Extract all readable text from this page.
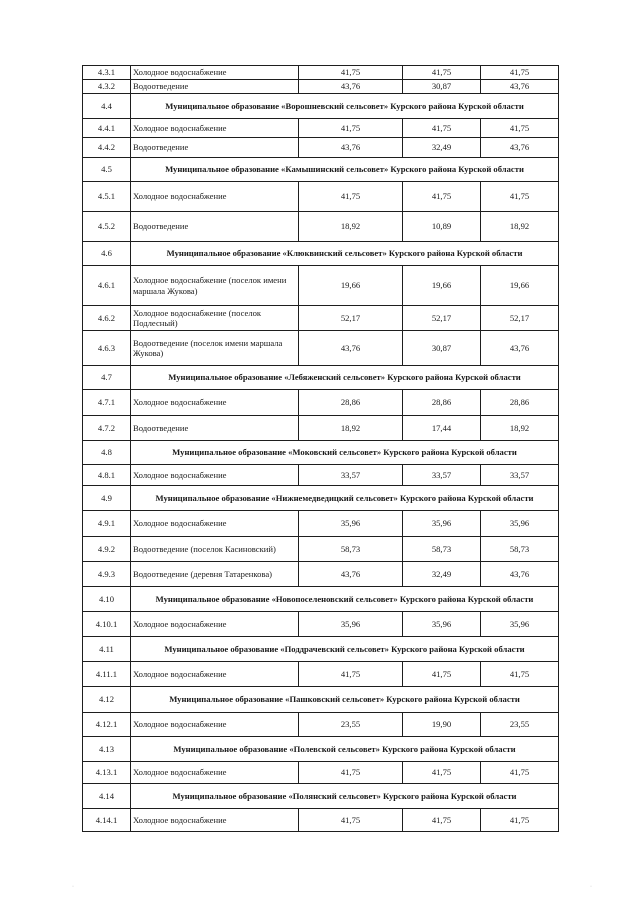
4.3.1	Холодное водоснабжение	41,75	41,75	41,75
4.3.2	Водоотведение	43,76	30,87	43,76
4.4	Муниципальное образование «Ворошневский сельсовет» Курского района Курской области			
4.4.1	Холодное водоснабжение	41,75	41,75	41,75
4.4.2	Водоотведение	43,76	32,49	43,76
4.5	Муниципальное образование «Камышинский сельсовет» Курского района Курской области			
4.5.1	Холодное водоснабжение	41,75	41,75	41,75
4.5.2	Водоотведение	18,92	10,89	18,92
4.6	Муниципальное образование «Клюквинский сельсовет» Курского района Курской области			
4.6.1	Холодное водоснабжение (поселок имени маршала Жукова)	19,66	19,66	19,66
4.6.2	Холодное водоснабжение (поселок Подлесный)	52,17	52,17	52,17
4.6.3	Водоотведение (поселок имени маршала Жукова)	43,76	30,87	43,76
4.7	Муниципальное образование «Лебяженский сельсовет» Курского района Курской области			
4.7.1	Холодное водоснабжение	28,86	28,86	28,86
4.7.2	Водоотведение	18,92	17,44	18,92
4.8	Муниципальное образование «Моковский сельсовет» Курского района Курской области			
4.8.1	Холодное водоснабжение	33,57	33,57	33,57
4.9	Муниципальное образование «Нижнемедведицкий сельсовет» Курского района Курской области			
4.9.1	Холодное водоснабжение	35,96	35,96	35,96
4.9.2	Водоотведение (поселок Касиновский)	58,73	58,73	58,73
4.9.3	Водоотведение (деревня Татаренкова)	43,76	32,49	43,76
4.10	Муниципальное образование «Новопоселеновский сельсовет» Курского района Курской области			
4.10.1	Холодное водоснабжение	35,96	35,96	35,96
4.11	Муниципальное образование «Поддрачевский сельсовет» Курского района Курской области			
4.11.1	Холодное водоснабжение	41,75	41,75	41,75
4.12	Муниципальное образование «Пашковский сельсовет» Курского района Курской области			
4.12.1	Холодное водоснабжение	23,55	19,90	23,55
4.13	Муниципальное образование «Полевской сельсовет» Курского района Курской области			
4.13.1	Холодное водоснабжение	41,75	41,75	41,75
4.14	Муниципальное образование «Полянский сельсовет» Курского района Курской области			
4.14.1	Холодное водоснабжение	41,75	41,75	41,75
·	·
